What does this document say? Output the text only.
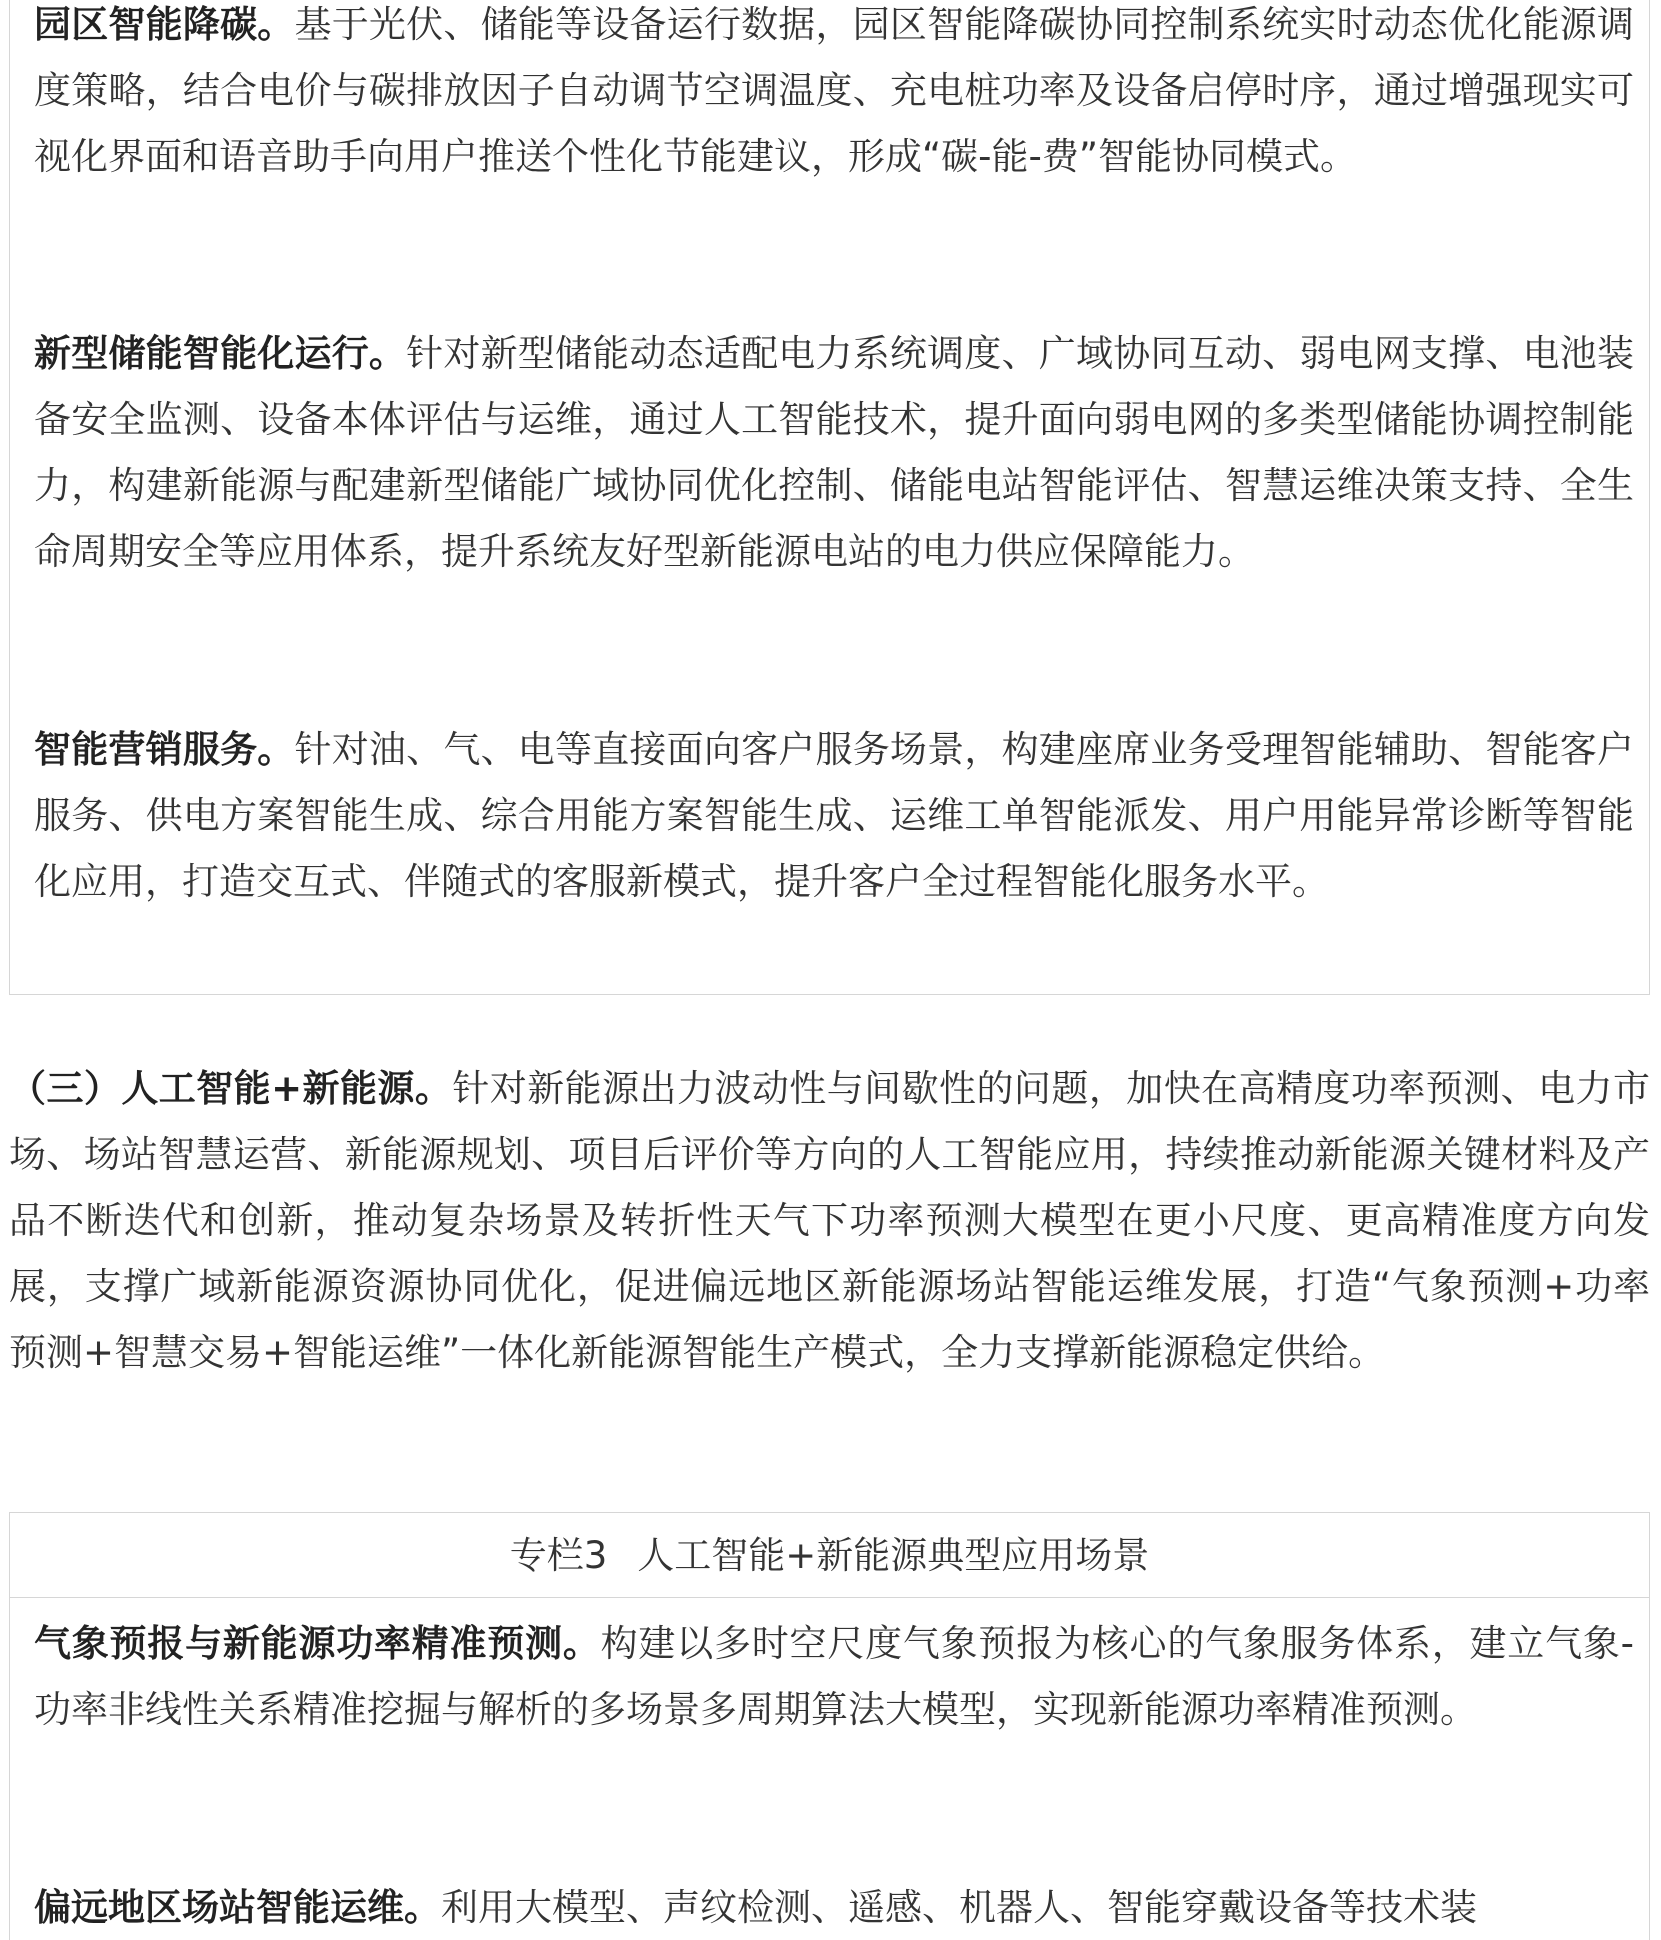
园区智能降碳。基于光伏、储能等设备运行数据，园区智能降碳协同控制系统实时动态优化能源调度策略，结合电价与碳排放因子自动调节空调温度、充电桩功率及设备启停时序，通过增强现实可视化界面和语音助手向用户推送个性化节能建议，形成“碳-能-费”智能协同模式。

新型储能智能化运行。针对新型储能动态适配电力系统调度、广域协同互动、弱电网支撑、电池装备安全监测、设备本体评估与运维，通过人工智能技术，提升面向弱电网的多类型储能协调控制能力，构建新能源与配建新型储能广域协同优化控制、储能电站智能评估、智慧运维决策支持、全生命周期安全等应用体系，提升系统友好型新能源电站的电力供应保障能力。

智能营销服务。针对油、气、电等直接面向客户服务场景，构建座席业务受理智能辅助、智能客户服务、供电方案智能生成、综合用能方案智能生成、运维工单智能派发、用户用能异常诊断等智能化应用，打造交互式、伴随式的客服新模式，提升客户全过程智能化服务水平。

（三）人工智能+新能源。针对新能源出力波动性与间歇性的问题，加快在高精度功率预测、电力市场、场站智慧运营、新能源规划、项目后评价等方向的人工智能应用，持续推动新能源关键材料及产品不断迭代和创新，推动复杂场景及转折性天气下功率预测大模型在更小尺度、更高精准度方向发展，支撑广域新能源资源协同优化，促进偏远地区新能源场站智能运维发展，打造“气象预测+功率预测+智慧交易+智能运维”一体化新能源智能生产模式，全力支撑新能源稳定供给。

专栏3 人工智能+新能源典型应用场景

气象预报与新能源功率精准预测。构建以多时空尺度气象预报为核心的气象服务体系，建立气象-功率非线性关系精准挖掘与解析的多场景多周期算法大模型，实现新能源功率精准预测。

偏远地区场站智能运维。利用大模型、声纹检测、遥感、机器人、智能穿戴设备等技术装
